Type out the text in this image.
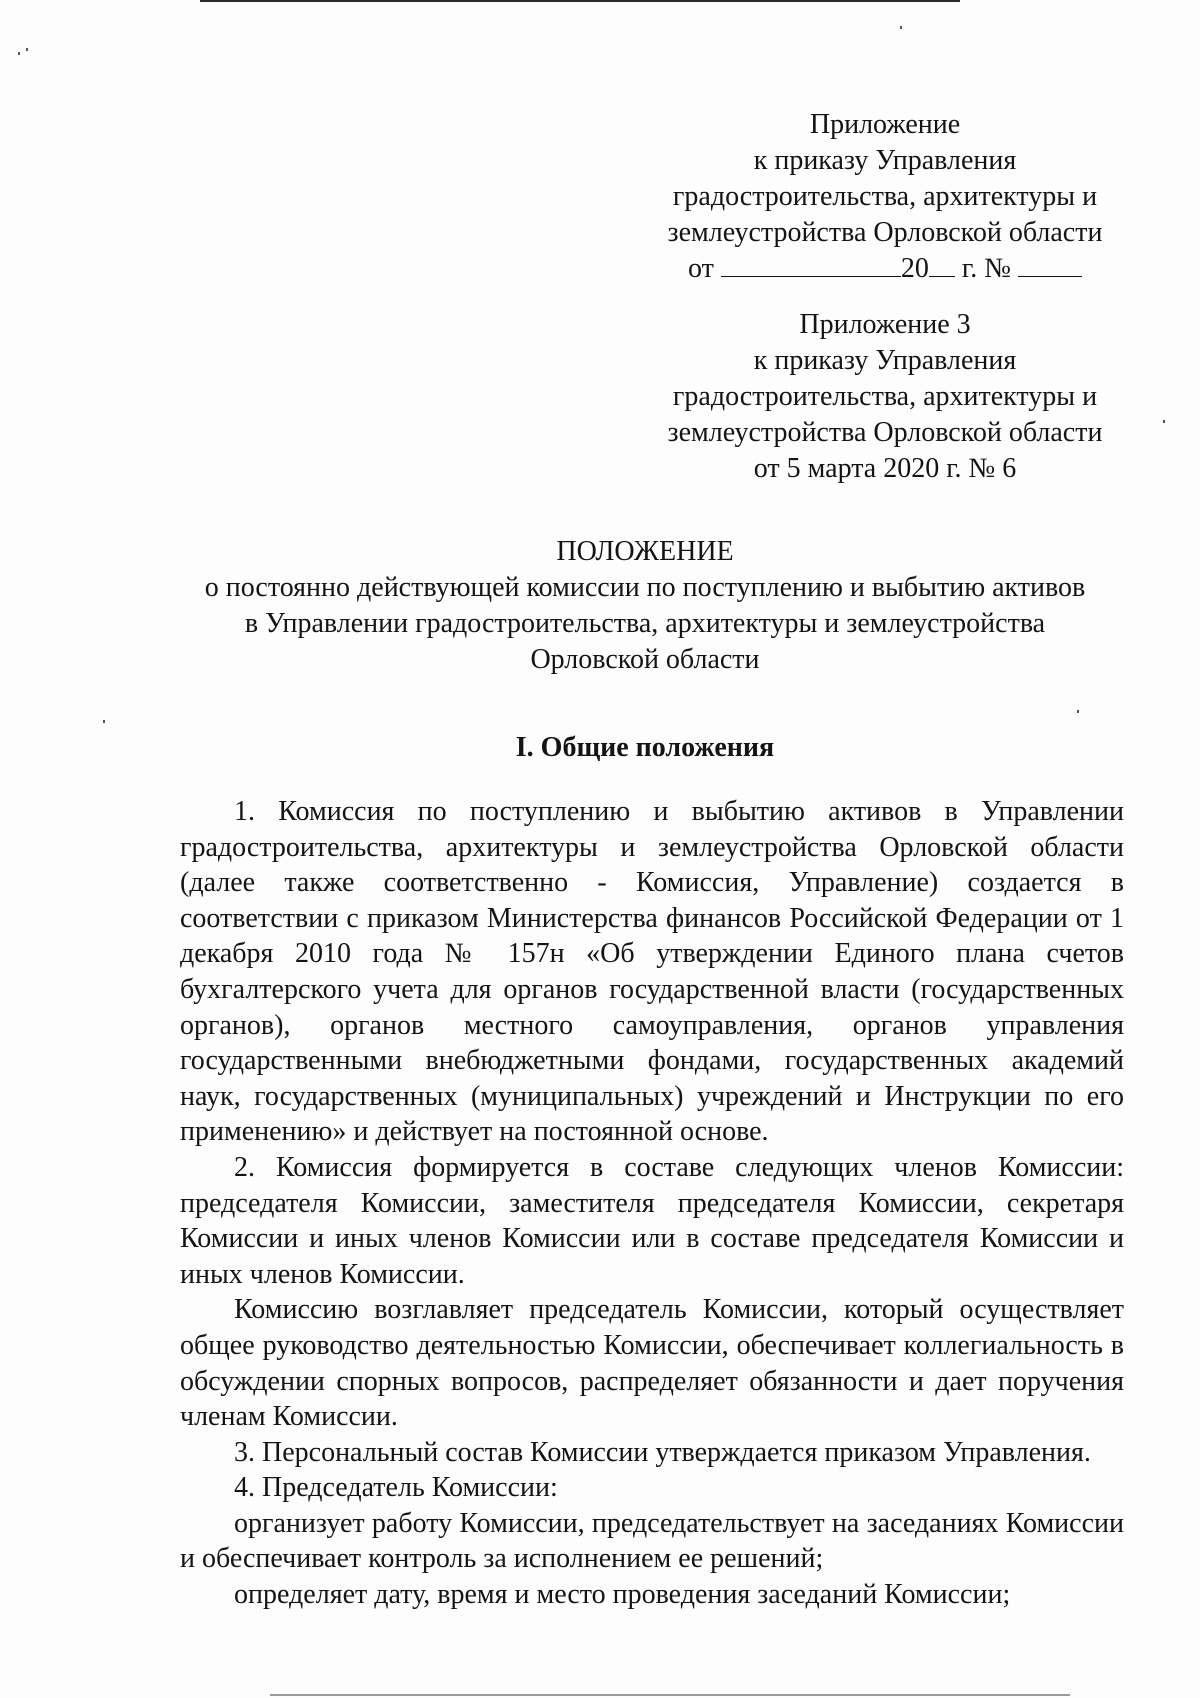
Приложение
к приказу Управления
градостроительства, архитектуры и
землеустройства Орловской области
от	20 г. №
Приложение 3
к приказу Управления
градостроительства, архитектуры и
землеустройства Орловской области
от 5 марта 2020 г. № 6
ПОЛОЖЕНИЕ
о постоянно действующей комиссии по поступлению и выбытию активов
в Управлении градостроительства, архитектуры и землеустройства
Орловской области
I. Общие положения

1. Комиссия по поступлению и выбытию активов в Управлении градостроительства, архитектуры и землеустройства Орловской области (далее также соответственно - Комиссия, Управление) создается в соответствии с приказом Министерства финансов Российской Федерации от 1 декабря 2010 года № 157н «Об утверждении Единого плана счетов бухгалтерского учета для органов государственной власти (государственных органов), органов местного самоуправления, органов управления государственными внебюджетными фондами, государственных академий наук, государственных (муниципальных) учреждений и Инструкции по его применению» и действует на постоянной основе.

2. Комиссия формируется в составе следующих членов Комиссии: председателя Комиссии, заместителя председателя Комиссии, секретаря Комиссии и иных членов Комиссии или в составе председателя Комиссии и иных членов Комиссии.

Комиссию возглавляет председатель Комиссии, который осуществляет общее руководство деятельностью Комиссии, обеспечивает коллегиальность в обсуждении спорных вопросов, распределяет обязанности и дает поручения членам Комиссии.

3. Персональный состав Комиссии утверждается приказом Управления.

4. Председатель Комиссии:

организует работу Комиссии, председательствует на заседаниях Комиссии и обеспечивает контроль за исполнением ее решений;

определяет дату, время и место проведения заседаний Комиссии;
